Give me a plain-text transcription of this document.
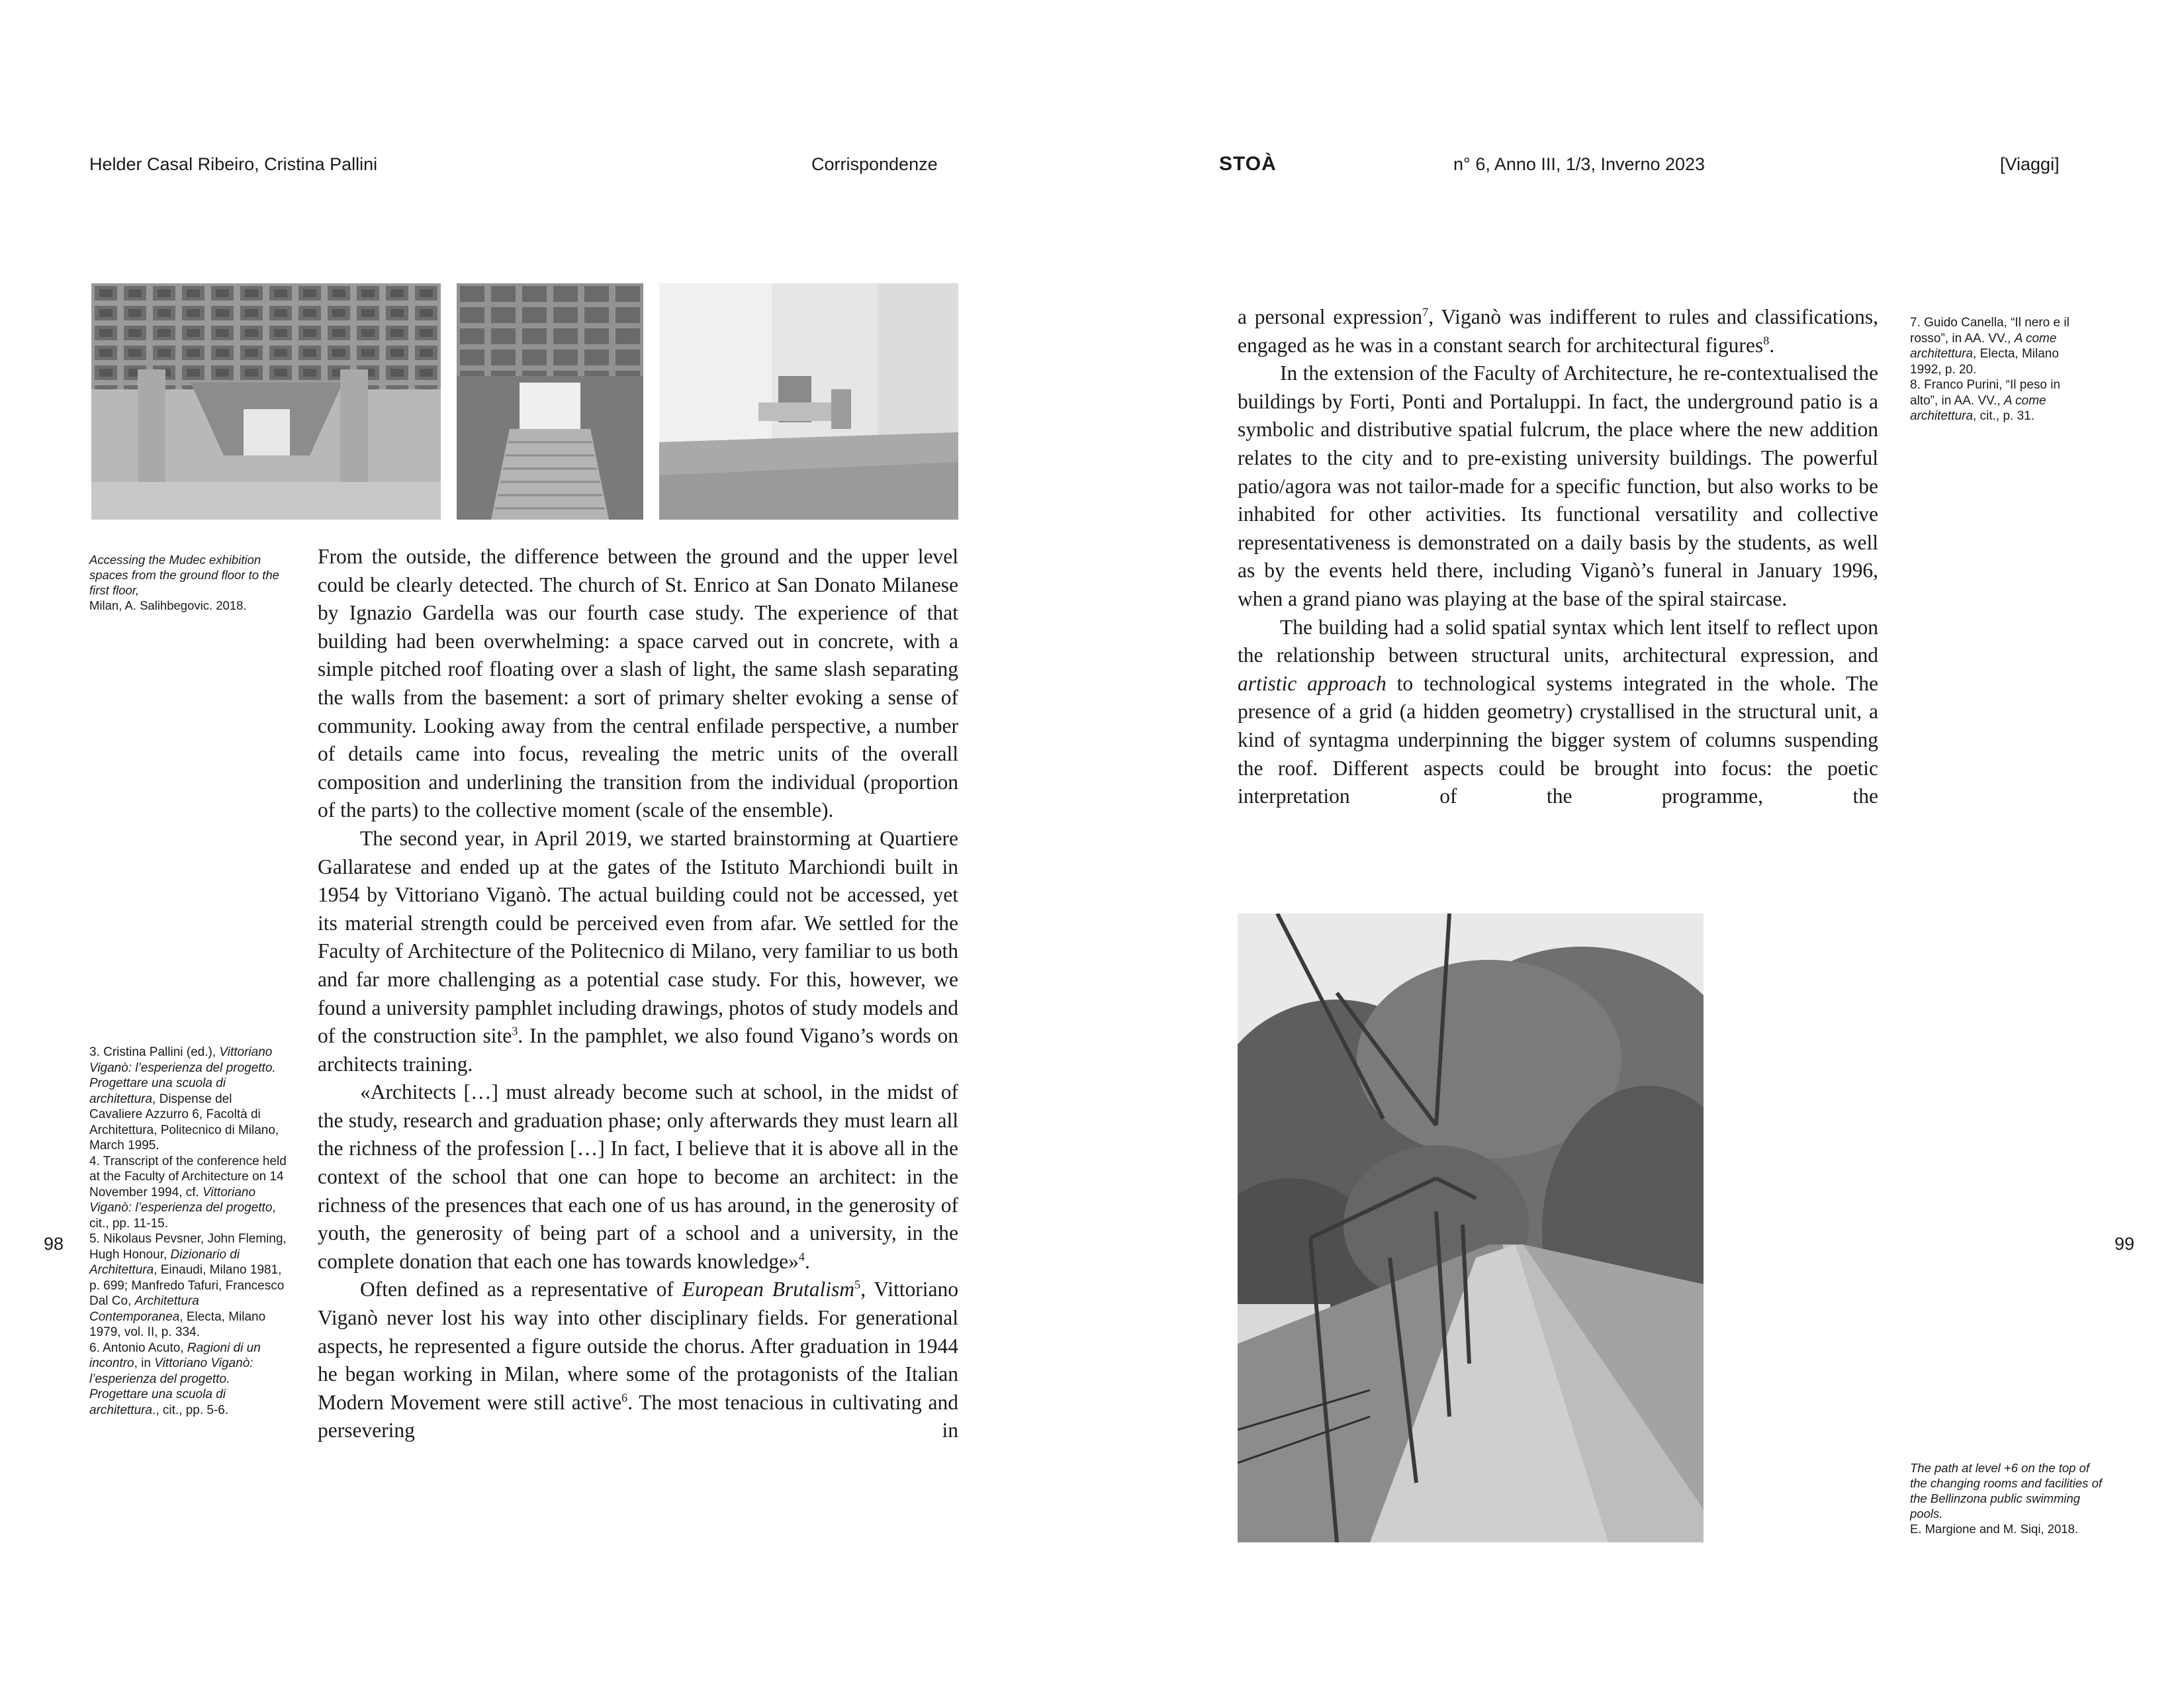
Helder Casal Ribeiro, Cristina Pallini	Corrispondenze	STOÀ	n° 6, Anno III, 1/3, Inverno 2023	[Viaggi]
98	99

Accessing the Mudec exhibition spaces from the ground floor to the first floor,

Milan, A. Salihbegovic. 2018.

From the outside, the difference between the ground and the upper level could be clearly detected. The church of St. Enrico at San Donato Milanese by Ignazio Gardella was our fourth case study. The experience of that building had been overwhelming: a space carved out in concrete, with a simple pitched roof floating over a slash of light, the same slash separating the walls from the basement: a sort of primary shelter evoking a sense of community. Looking away from the central enfilade perspective, a number of details came into focus, revealing the metric units of the overall composition and underlining the transition from the individual (proportion of the parts) to the collective moment (scale of the ensemble).

The second year, in April 2019, we started brainstorming at Quartiere Gallaratese and ended up at the gates of the Istituto Marchiondi built in 1954 by Vittoriano Viganò. The actual building could not be accessed, yet its material strength could be perceived even from afar. We settled for the Faculty of Architecture of the Politecnico di Milano, very familiar to us both and far more challenging as a potential case study. For this, however, we found a university pamphlet including drawings, photos of study models and of the construction site$^3$. In the pamphlet, we also found Vigano’s words on architects training.

«Architects […] must already become such at school, in the midst of the study, research and graduation phase; only afterwards they must learn all the richness of the profession […] In fact, I believe that it is above all in the context of the school that one can hope to become an architect: in the richness of the presences that each one of us has around, in the generosity of youth, the generosity of being part of a school and a university, in the complete donation that each one has towards knowledge»$^4$.

Often defined as a representative of European Brutalism$^5$, Vittoriano Viganò never lost his way into other disciplinary fields. For generational aspects, he represented a figure outside the chorus. After graduation in 1944 he began working in Milan, where some of the protagonists of the Italian Modern Movement were still active$^6$. The most tenacious in cultivating and persevering in

3. Cristina Pallini (ed.), Vittoriano Viganò: l’esperienza del progetto. Progettare una scuola di architettura, Dispense del Cavaliere Azzurro 6, Facoltà di Architettura, Politecnico di Milano, March 1995.

4. Transcript of the conference held at the Faculty of Architecture on 14 November 1994, cf. Vittoriano Viganò: l’esperienza del progetto, cit., pp. 11-15.

5. Nikolaus Pevsner, John Fleming, Hugh Honour, Dizionario di Architettura, Einaudi, Milano 1981, p. 699; Manfredo Tafuri, Francesco Dal Co, Architettura Contemporanea, Electa, Milano 1979, vol. II, p. 334.

6. Antonio Acuto, Ragioni di un incontro, in Vittoriano Viganò: l’esperienza del progetto. Progettare una scuola di architettura., cit., pp. 5-6.

a personal expression$^7$, Viganò was indifferent to rules and classifications, engaged as he was in a constant search for architectural figures$^8$.

In the extension of the Faculty of Architecture, he re-contextualised the buildings by Forti, Ponti and Portaluppi. In fact, the underground patio is a symbolic and distributive spatial fulcrum, the place where the new addition relates to the city and to pre-existing university buildings. The powerful patio/agora was not tailor-made for a specific function, but also works to be inhabited for other activities. Its functional versatility and collective representativeness is demonstrated on a daily basis by the students, as well as by the events held there, including Viganò’s funeral in January 1996, when a grand piano was playing at the base of the spiral staircase.

The building had a solid spatial syntax which lent itself to reflect upon the relationship between structural units, architectural expression, and artistic approach to technological systems integrated in the whole. The presence of a grid (a hidden geometry) crystallised in the structural unit, a kind of syntagma underpinning the bigger system of columns suspending the roof. Different aspects could be brought into focus: the poetic interpretation of the programme, the

7. Guido Canella, “Il nero e il rosso”, in AA. VV., A come architettura, Electa, Milano 1992, p. 20.

8. Franco Purini, “Il peso in alto”, in AA. VV., A come architettura, cit., p. 31.

The path at level +6 on the top of the changing rooms and facilities of the Bellinzona public swimming pools.

E. Margione and M. Siqi, 2018.
